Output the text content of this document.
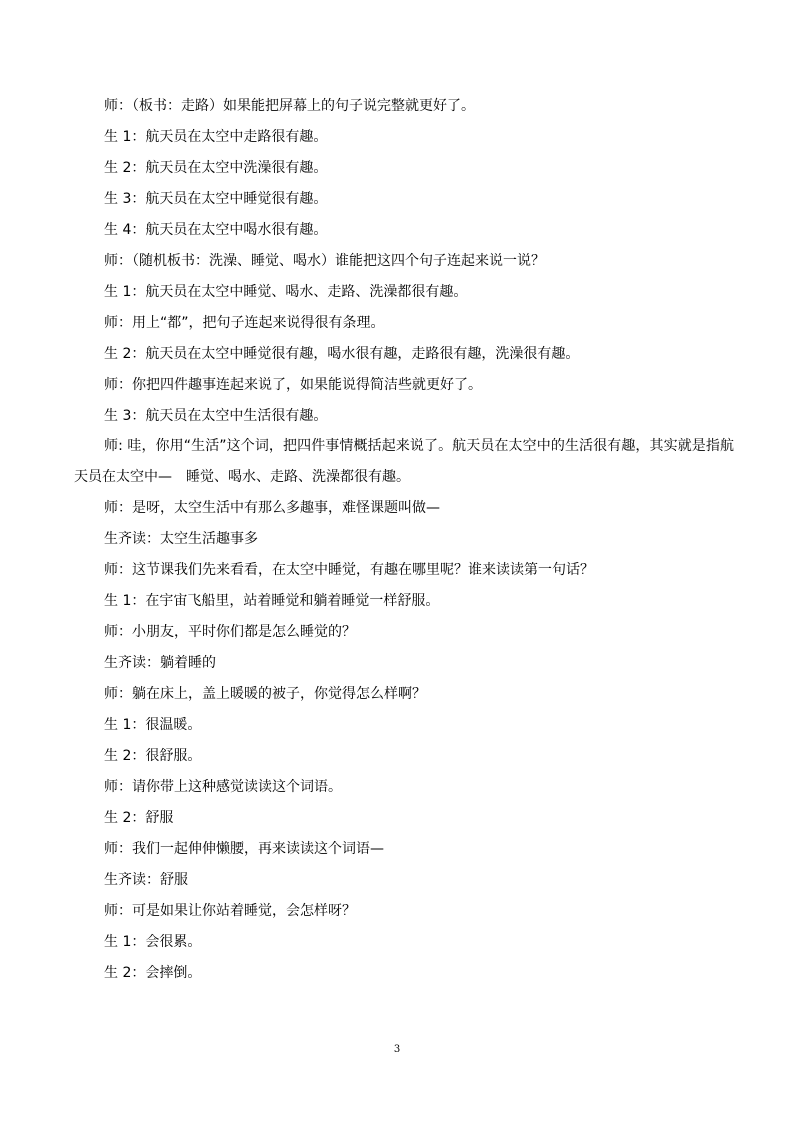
师：（板书：走路）如果能把屏幕上的句子说完整就更好了。

生 1：航天员在太空中走路很有趣。

生 2：航天员在太空中洗澡很有趣。

生 3：航天员在太空中睡觉很有趣。

生 4：航天员在太空中喝水很有趣。

师：（随机板书：洗澡、睡觉、喝水）谁能把这四个句子连起来说一说？

生 1：航天员在太空中睡觉、喝水、走路、洗澡都很有趣。

师：用上“都”，把句子连起来说得很有条理。

生 2：航天员在太空中睡觉很有趣，喝水很有趣，走路很有趣，洗澡很有趣。

师：你把四件趣事连起来说了，如果能说得简洁些就更好了。

生 3：航天员在太空中生活很有趣。

师: 哇，你用“生活”这个词，把四件事情概括起来说了。航天员在太空中的生活很有趣，其实就是指航天员在太空中—　睡觉、喝水、走路、洗澡都很有趣。

师：是呀，太空生活中有那么多趣事，难怪课题叫做—

生齐读：太空生活趣事多

师：这节课我们先来看看，在太空中睡觉，有趣在哪里呢？谁来读读第一句话？

生 1：在宇宙飞船里，站着睡觉和躺着睡觉一样舒服。

师：小朋友，平时你们都是怎么睡觉的？

生齐读：躺着睡的

师：躺在床上，盖上暖暖的被子，你觉得怎么样啊？

生 1：很温暖。

生 2：很舒服。

师：请你带上这种感觉读读这个词语。

生 2：舒服

师：我们一起伸伸懒腰，再来读读这个词语—

生齐读：舒服

师：可是如果让你站着睡觉，会怎样呀？

生 1：会很累。

生 2：会摔倒。

3
